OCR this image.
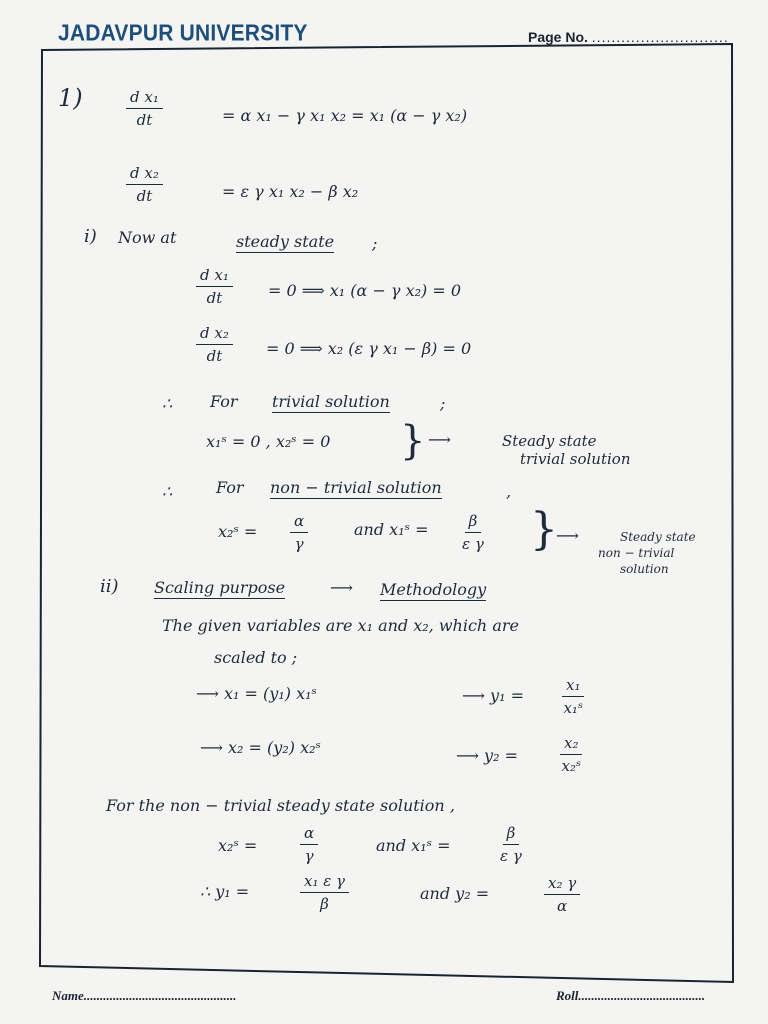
JADAVPUR UNIVERSITY	Page No. ............................
1)	$\frac{\text{d x₁}}{dt}$	= α x₁ − γ x₁ x₂ = x₁ (α − γ x₂)
$\frac{\text{d x₂}}{dt}$	= ε γ x₁ x₂ − β x₂
i) Now at	steady state ;
$\frac{\text{d x₁}}{dt} = 0$ ⟹ x₁ (α − γ x₂) = 0
$\frac{\text{d x₂}}{dt} = 0$ ⟹ x₂ (ε γ x₁ − β) = 0
∴ For trivial solution	;
x₁ˢ = 0 , x₂ˢ = 0 } ⟶	Steady state
trivial solution
∴	For non − trivial solution	,
x₂ˢ = $\frac{\alpha}{\gamma}$	and x₁ˢ = $\frac{\beta}{\text{ε γ}}$ }
⟶	Steady state
non − trivial
solution
ii) Scaling purpose	⟶ Methodology
The given variables are x₁ and x₂, which are
scaled to ;
⟶ x₁ = (y₁) x₁ˢ	⟶ y₁ =	$\frac{\text{x₁}}{\text{x₁ˢ}}$
⟶ x₂ = (y₂) x₂ˢ	⟶ y₂ =	$\frac{\text{x₂}}{\text{x₂ˢ}}$
For the non − trivial steady state solution ,
x₂ˢ =	$\frac{\alpha}{\gamma}$	and x₁ˢ =	$\frac{\beta}{\text{ε γ}}$
∴ y₁ =	$\frac{\text{x₁ ε γ}}{\beta}$	and y₂ =	$\frac{\text{x₂ γ}}{\alpha}$
Name...............................................	Roll.......................................
